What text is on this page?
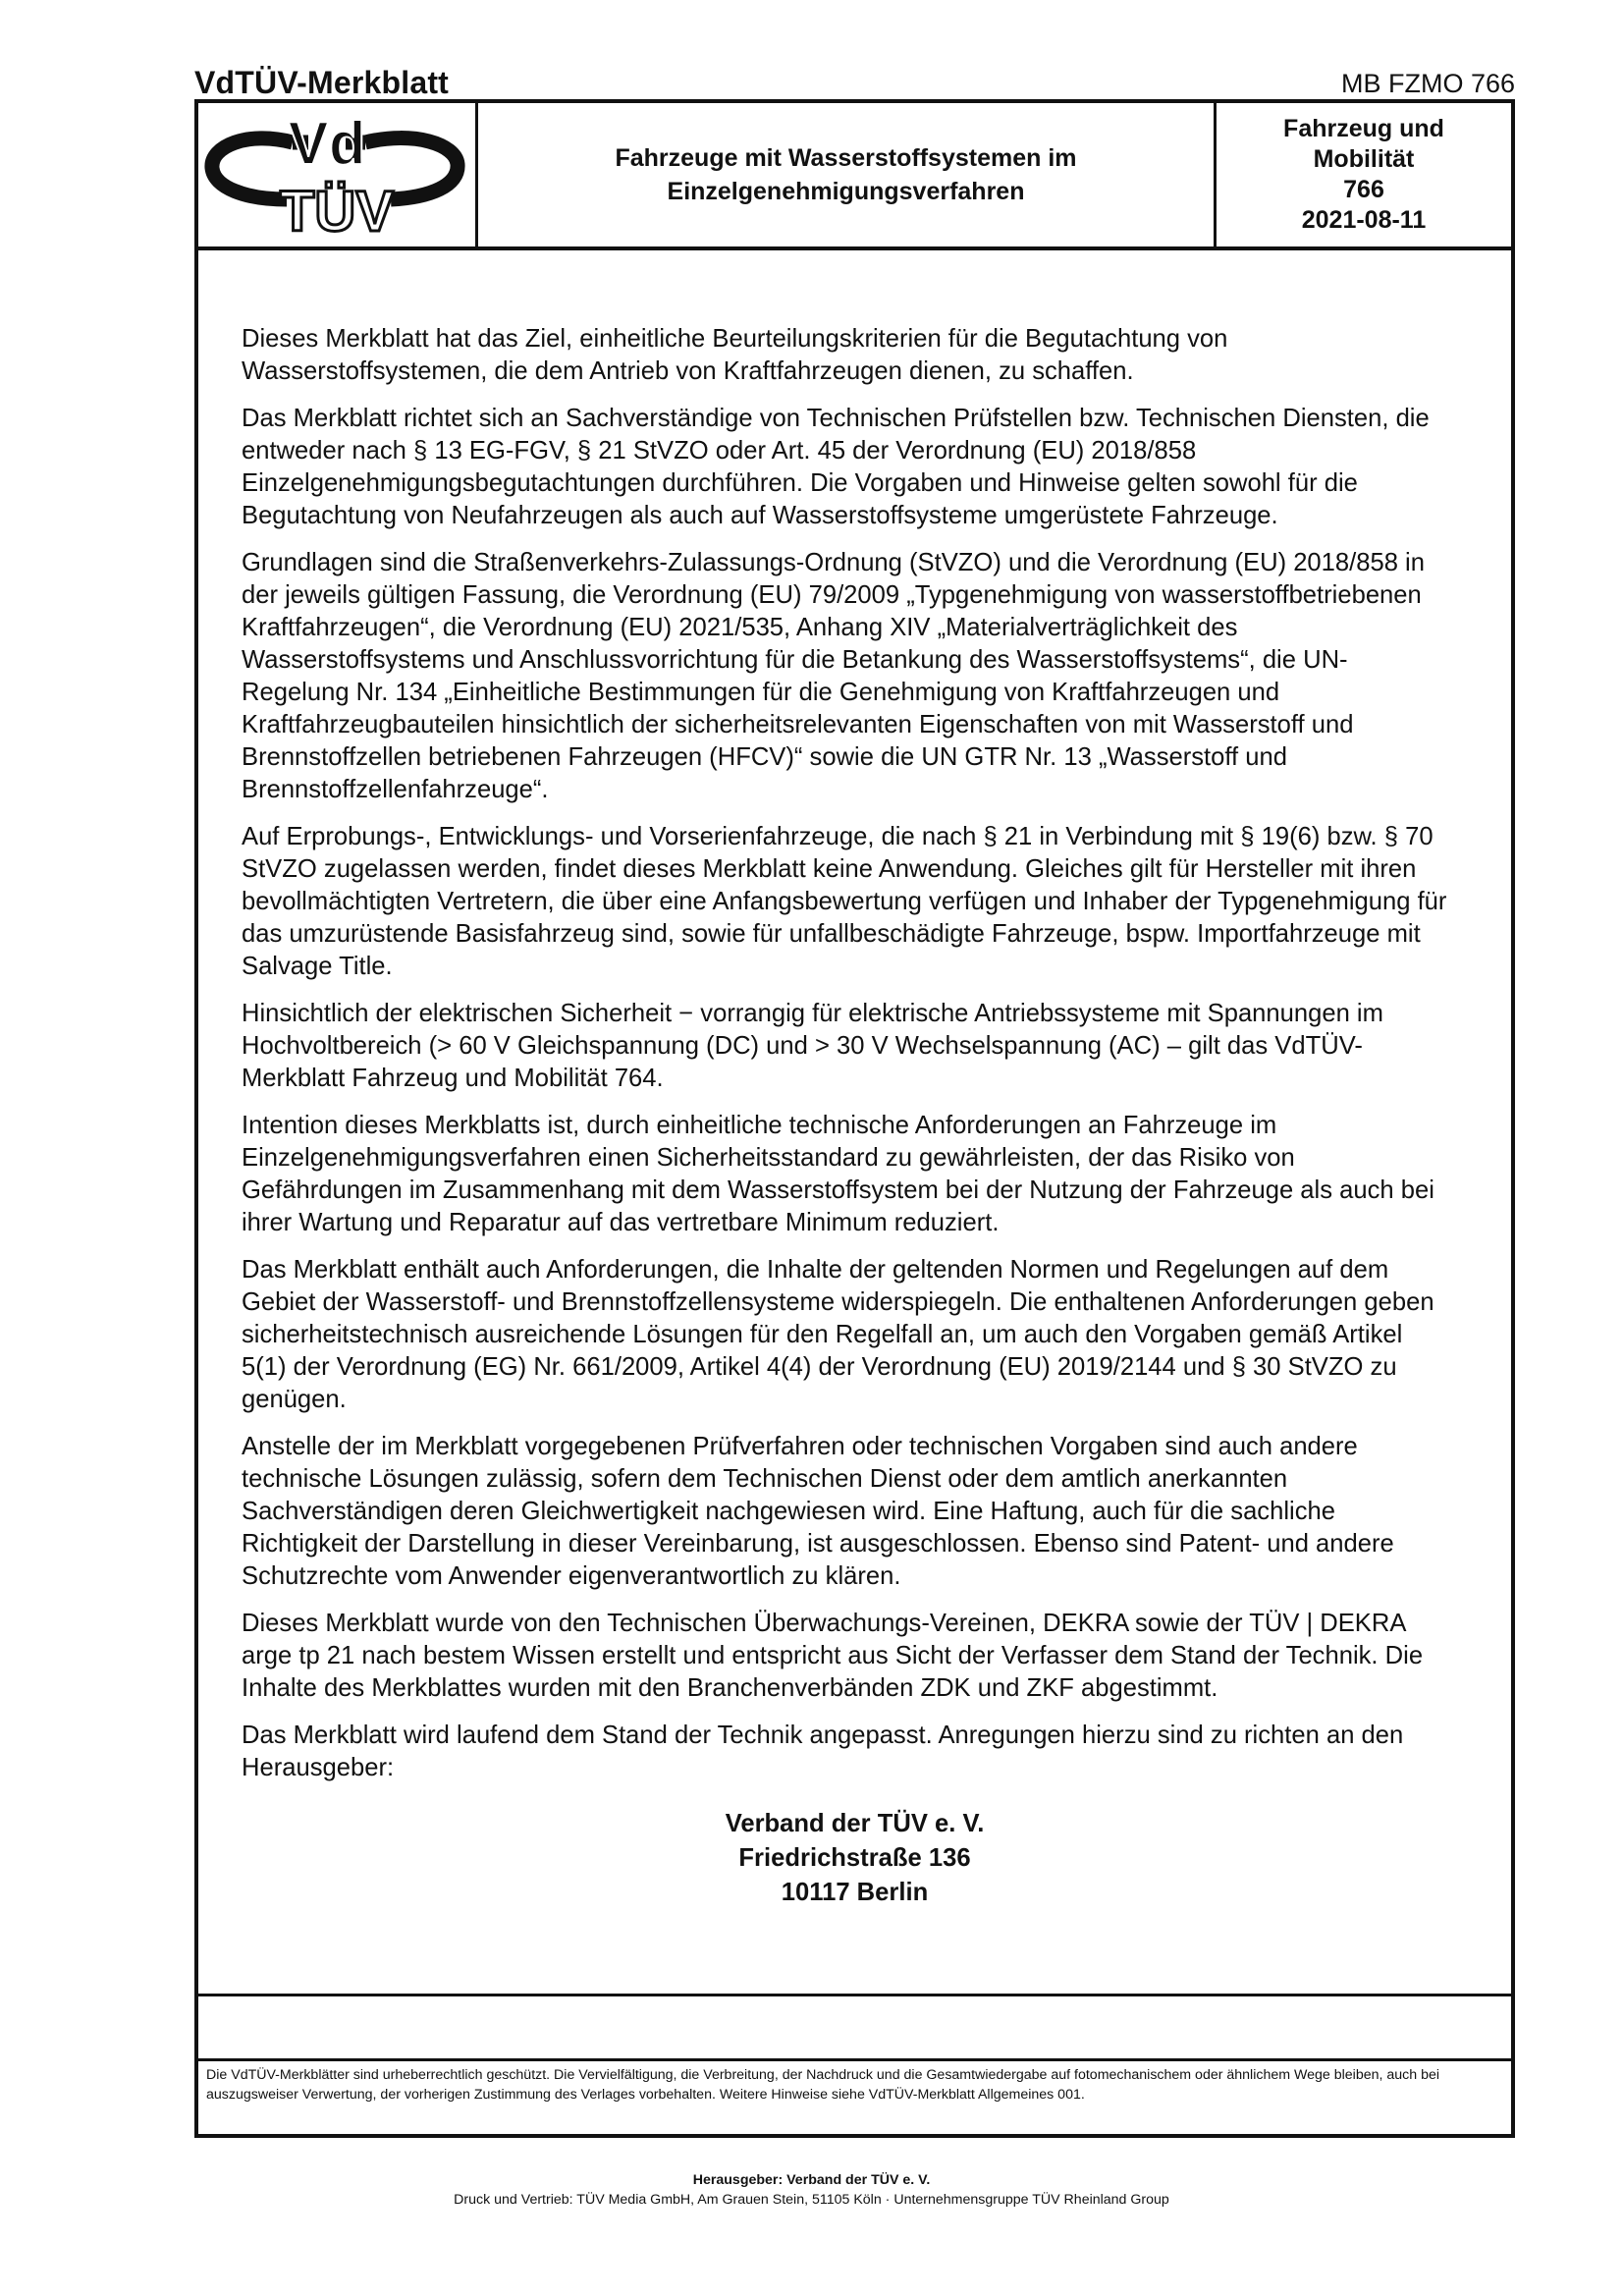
VdTÜV-Merkblatt	MB FZMO 766
Vd
TÜV
Fahrzeuge mit Wasserstoffsystemen im
Einzelgenehmigungsverfahren
Fahrzeug und
Mobilität
766
2021-08-11

Dieses Merkblatt hat das Ziel, einheitliche Beurteilungskriterien für die Begutachtung von Wasserstoffsystemen, die dem Antrieb von Kraftfahrzeugen dienen, zu schaffen.

Das Merkblatt richtet sich an Sachverständige von Technischen Prüfstellen bzw. Technischen Diensten, die entweder nach § 13 EG-FGV, § 21 StVZO oder Art. 45 der Verordnung (EU) 2018/858 Einzelgenehmigungsbegutachtungen durchführen. Die Vorgaben und Hinweise gelten sowohl für die Begutachtung von Neufahrzeugen als auch auf Wasserstoffsysteme umgerüstete Fahrzeuge.

Grundlagen sind die Straßenverkehrs-Zulassungs-Ordnung (StVZO) und die Verordnung (EU) 2018/858 in der jeweils gültigen Fassung, die Verordnung (EU) 79/2009 „Typgenehmigung von wasserstoffbetriebenen Kraftfahrzeugen“, die Verordnung (EU) 2021/535, Anhang XIV „Materialverträglichkeit des Wasserstoffsystems und Anschlussvorrichtung für die Betankung des Wasserstoffsystems“, die UN-Regelung Nr. 134 „Einheitliche Bestimmungen für die Genehmigung von Kraftfahrzeugen und Kraftfahrzeugbauteilen hinsichtlich der sicherheitsrelevanten Eigenschaften von mit Wasserstoff und Brennstoffzellen betriebenen Fahrzeugen (HFCV)“ sowie die UN GTR Nr. 13 „Wasserstoff und Brennstoffzellenfahrzeuge“.

Auf Erprobungs-, Entwicklungs- und Vorserienfahrzeuge, die nach § 21 in Verbindung mit § 19(6) bzw. § 70 StVZO zugelassen werden, findet dieses Merkblatt keine Anwendung. Gleiches gilt für Hersteller mit ihren bevollmächtigten Vertretern, die über eine Anfangsbewertung verfügen und Inhaber der Typgenehmigung für das umzurüstende Basisfahrzeug sind, sowie für unfallbeschädigte Fahrzeuge, bspw. Importfahrzeuge mit Salvage Title.

Hinsichtlich der elektrischen Sicherheit − vorrangig für elektrische Antriebssysteme mit Spannungen im Hochvoltbereich (> 60 V Gleichspannung (DC) und > 30 V Wechselspannung (AC) – gilt das VdTÜV-Merkblatt Fahrzeug und Mobilität 764.

Intention dieses Merkblatts ist, durch einheitliche technische Anforderungen an Fahrzeuge im Einzelgenehmigungsverfahren einen Sicherheitsstandard zu gewährleisten, der das Risiko von Gefährdungen im Zusammenhang mit dem Wasserstoffsystem bei der Nutzung der Fahrzeuge als auch bei ihrer Wartung und Reparatur auf das vertretbare Minimum reduziert.

Das Merkblatt enthält auch Anforderungen, die Inhalte der geltenden Normen und Regelungen auf dem Gebiet der Wasserstoff- und Brennstoffzellensysteme widerspiegeln. Die enthaltenen Anforderungen geben sicherheitstechnisch ausreichende Lösungen für den Regelfall an, um auch den Vorgaben gemäß Artikel 5(1) der Verordnung (EG) Nr. 661/2009, Artikel 4(4) der Verordnung (EU) 2019/2144 und § 30 StVZO zu genügen.

Anstelle der im Merkblatt vorgegebenen Prüfverfahren oder technischen Vorgaben sind auch andere technische Lösungen zulässig, sofern dem Technischen Dienst oder dem amtlich anerkannten Sachverständigen deren Gleichwertigkeit nachgewiesen wird. Eine Haftung, auch für die sachliche Richtigkeit der Darstellung in dieser Vereinbarung, ist ausgeschlossen. Ebenso sind Patent- und andere Schutzrechte vom Anwender eigenverantwortlich zu klären.

Dieses Merkblatt wurde von den Technischen Überwachungs-Vereinen, DEKRA sowie der TÜV | DEKRA arge tp 21 nach bestem Wissen erstellt und entspricht aus Sicht der Verfasser dem Stand der Technik. Die Inhalte des Merkblattes wurden mit den Branchenverbänden ZDK und ZKF abgestimmt.

Das Merkblatt wird laufend dem Stand der Technik angepasst. Anregungen hierzu sind zu richten an den Herausgeber:

Verband der TÜV e. V.
Friedrichstraße 136
10117 Berlin
Die VdTÜV-Merkblätter sind urheberrechtlich geschützt. Die Vervielfältigung, die Verbreitung, der Nachdruck und die Gesamtwiedergabe auf fotomechanischem oder ähnlichem Wege bleiben, auch bei auszugsweiser Verwertung, der vorherigen Zustimmung des Verlages vorbehalten. Weitere Hinweise siehe VdTÜV-Merkblatt Allgemeines 001.
Herausgeber: Verband der TÜV e. V.
Druck und Vertrieb: TÜV Media GmbH, Am Grauen Stein, 51105 Köln · Unternehmensgruppe TÜV Rheinland Group
